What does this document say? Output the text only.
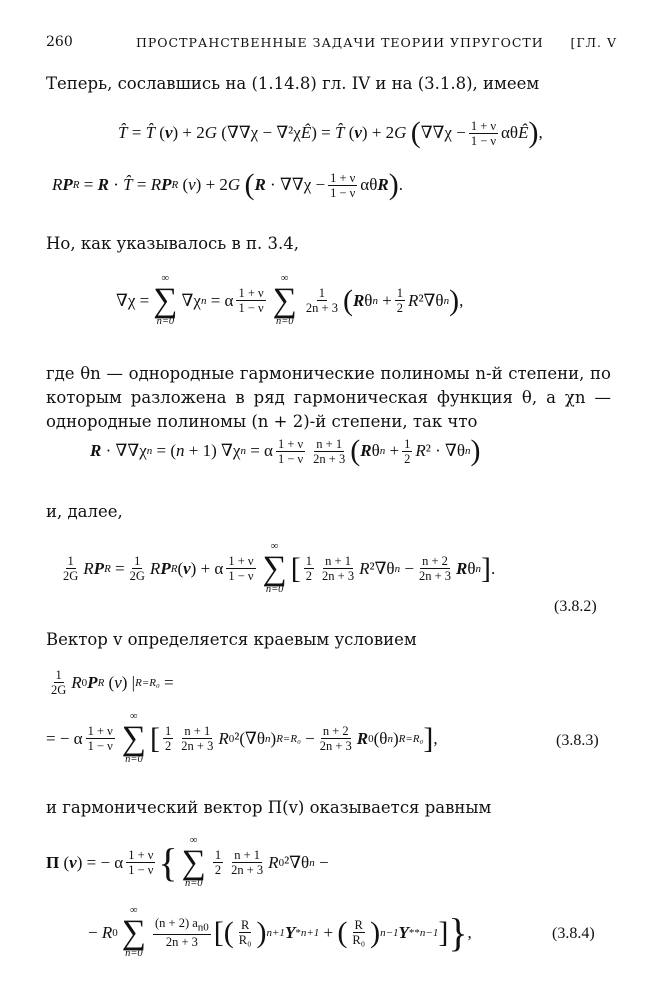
260	ПРОСТРАНСТВЕННЫЕ ЗАДАЧИ ТЕОРИИ УПРУГОСТИ [ГЛ. V
Теперь, сославшись на (1.14.8) гл. IV и на (3.1.8), имеем
T̂ = T̂ ( v ) + 2 G (∇∇χ − ∇²χ Ê ) = T̂ ( v ) + 2 G
( $\nabla\nabla\chi - \frac{1 + \nu}{1 - \nu}$ αθ Ê ) ,
R P R = R · T̂ = R P R ( v ) + 2 G
( $R \cdot \nabla\nabla\chi - \frac{1 + \nu}{1 - \nu}$ αθ R ) .
Но, как указывалось в п. 3.4,
∇χ =
∞
∑
n=0
∇χ n = α $\frac{1 + \nu}{1 - \nu}$
∞
∑
n=0
$\frac{1}{2n + 3}$ ( R θ $n + \frac{1}{2}$ R ²∇θ n ) ,
где θn — однородные гармонические полиномы n-й степени, по которым разложена в ряд гармоническая функция θ, а χn — однородные полиномы (n + 2)-й степени, так что
R · ∇∇χ n = ( n + 1) ∇χ n = α $\frac{1 + \nu}{1 - \nu} \frac{n + 1}{2n + 3}$ ( R θ $n + \frac{1}{2}$ R ² · ∇θ n )
и, далее,
$\frac{1}{2G}$ R P $R = \frac{1}{2G}$ R P R ( v ) + α $\frac{1 + \nu}{1 - \nu}$
∞
∑
n=0
[ $\frac{1}{2} \frac{n + 1}{2n + 3}$ R ²∇θ $n - \frac{n + 2}{2n + 3}$ R θ n ] .
(3.8.2)
Вектор v определяется краевым условием
$\frac{1}{2G}$ R 0 P R ( v ) | R=R₀ =
= − α $\frac{1 + \nu}{1 - \nu}$
∞
∑
n=0
[ $\frac{1}{2} \frac{n + 1}{2n + 3}$ R 0 ²(∇θ n ) $R=R_0 - \frac{n + 2}{2n + 3}$ R 0 (θ n ) R=R₀ ] ,	(3.8.3)
и гармонический вектор Π(v) оказывается равным
Π ( v ) = − α $\frac{1 + \nu}{1 - \nu}$ { ∞
∑
n=0
$\frac{1}{2} \frac{n + 1}{2n + 3}$ R 0 ²∇θ n −
− R 0
∞
∑
n=0
$\frac{(n + 2) a_{n0}}{2n + 3}$ [ ( $\frac{R}{\text{R₀}}$ ) n+1 Y * n+1 + ( $\frac{R}{\text{R₀}}$ ) n−1 Y ** n−1 ] } ,	(3.8.4)
